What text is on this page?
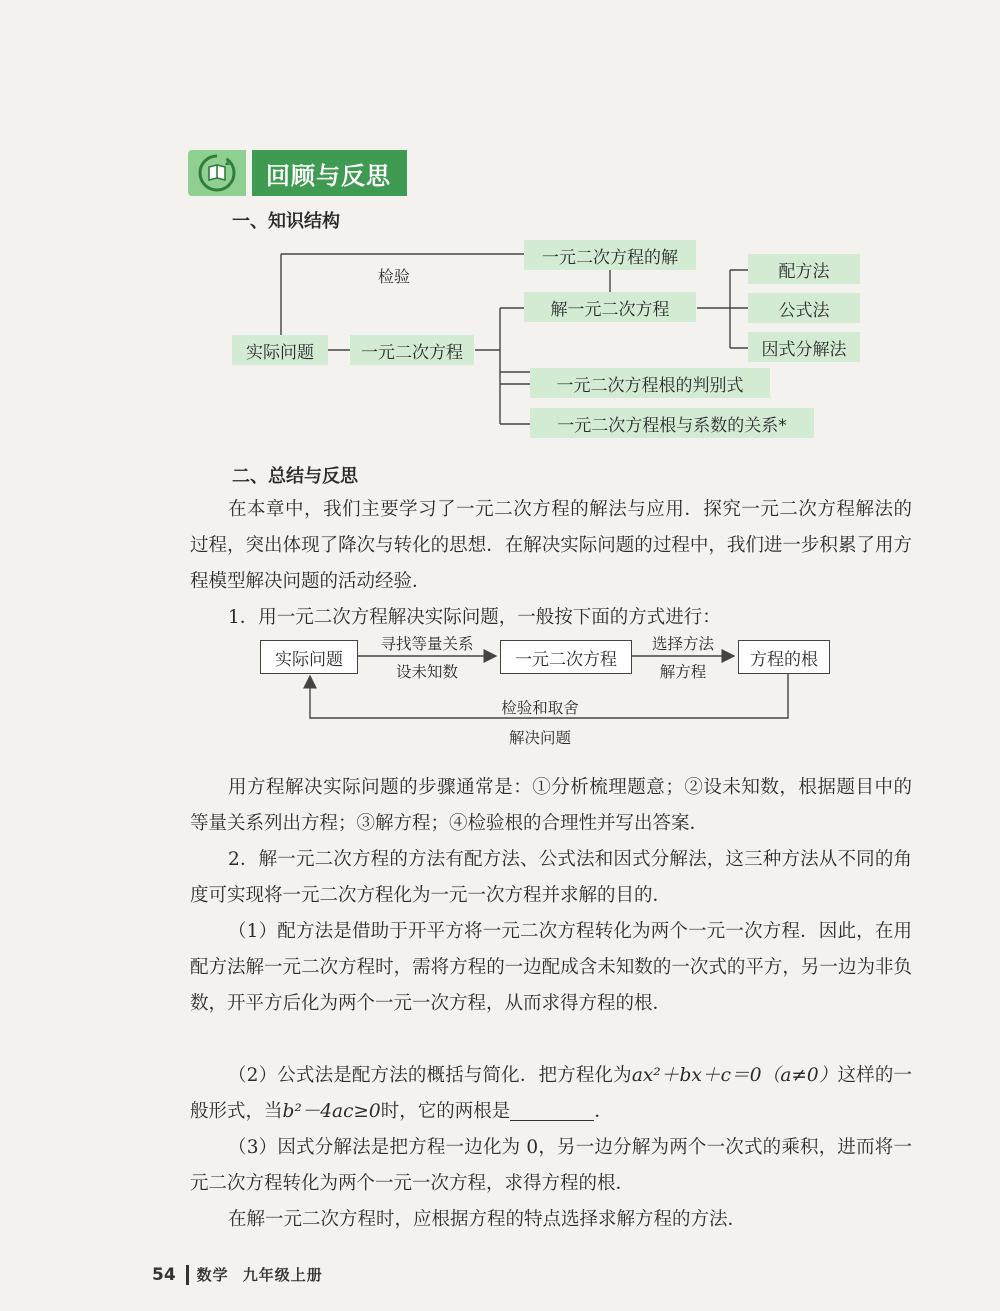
回顾与反思
一、知识结构
实际问题	一元二次方程
检验
一元二次方程的解
解一元二次方程
配方法
公式法
因式分解法
一元二次方程根的判别式
一元二次方程根与系数的关系*
二、总结与反思
在本章中，我们主要学习了一元二次方程的解法与应用．探究一元二次方程解法的过程，突出体现了降次与转化的思想．在解决实际问题的过程中，我们进一步积累了用方程模型解决问题的活动经验．
1．用一元二次方程解决实际问题，一般按下面的方式进行：
实际问题
寻找等量关系
设未知数
一元二次方程
选择方法
解方程
方程的根
检验和取舍
解决问题
用方程解决实际问题的步骤通常是：①分析梳理题意；②设未知数，根据题目中的等量关系列出方程；③解方程；④检验根的合理性并写出答案．
2．解一元二次方程的方法有配方法、公式法和因式分解法，这三种方法从不同的角度可实现将一元二次方程化为一元一次方程并求解的目的．
（1）配方法是借助于开平方将一元二次方程转化为两个一元一次方程．因此，在用配方法解一元二次方程时，需将方程的一边配成含未知数的一次式的平方，另一边为非负数，开平方后化为两个一元一次方程，从而求得方程的根．
（2）公式法是配方法的概括与简化．把方程化为ax²＋bx＋c＝0（a≠0）这样的一般形式，当b²－4ac≥0时，它的两根是	．
（3）因式分解法是把方程一边化为 0，另一边分解为两个一次式的乘积，进而将一元二次方程转化为两个一元一次方程，求得方程的根．
在解一元二次方程时，应根据方程的特点选择求解方程的方法．
54 数学 九年级上册
